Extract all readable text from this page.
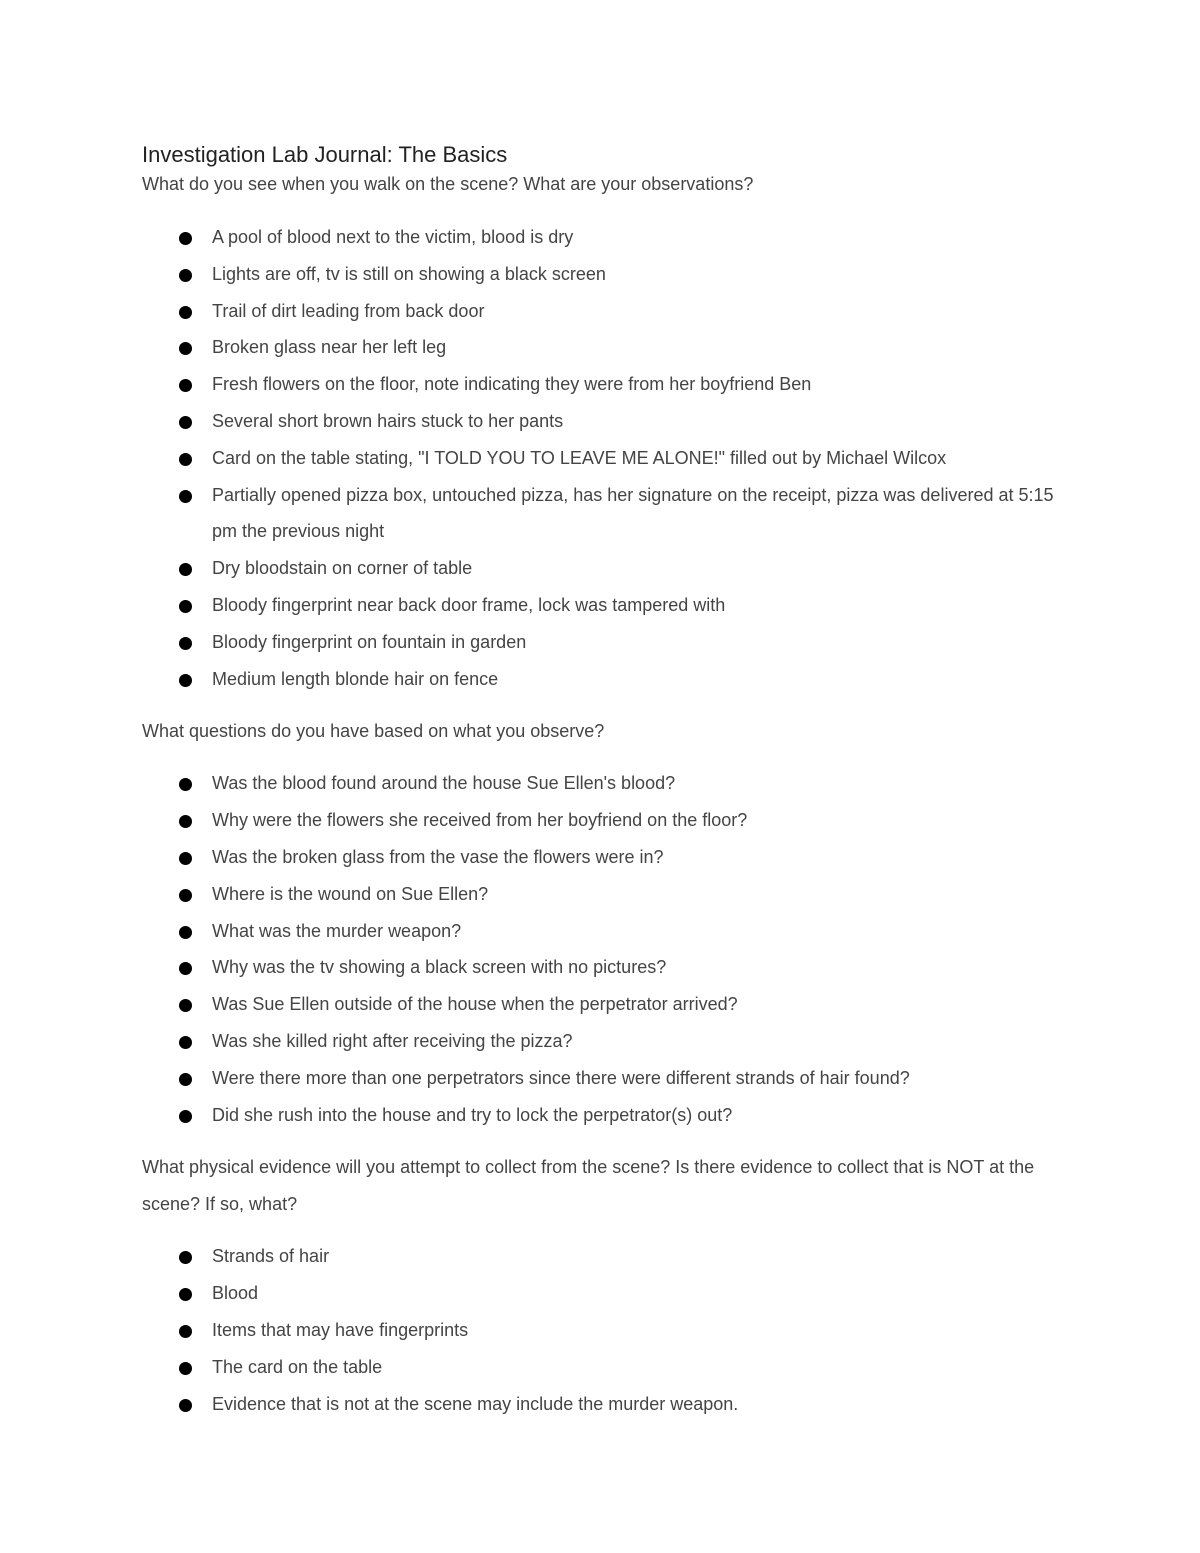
Investigation Lab Journal: The Basics

What do you see when you walk on the scene? What are your observations?

A pool of blood next to the victim, blood is dry
Lights are off, tv is still on showing a black screen
Trail of dirt leading from back door
Broken glass near her left leg
Fresh flowers on the floor, note indicating they were from her boyfriend Ben
Several short brown hairs stuck to her pants
Card on the table stating, "I TOLD YOU TO LEAVE ME ALONE!" filled out by Michael Wilcox
Partially opened pizza box, untouched pizza, has her signature on the receipt, pizza was delivered at 5:15 pm the previous night
Dry bloodstain on corner of table
Bloody fingerprint near back door frame, lock was tampered with
Bloody fingerprint on fountain in garden
Medium length blonde hair on fence

What questions do you have based on what you observe?

Was the blood found around the house Sue Ellen's blood?
Why were the flowers she received from her boyfriend on the floor?
Was the broken glass from the vase the flowers were in?
Where is the wound on Sue Ellen?
What was the murder weapon?
Why was the tv showing a black screen with no pictures?
Was Sue Ellen outside of the house when the perpetrator arrived?
Was she killed right after receiving the pizza?
Were there more than one perpetrators since there were different strands of hair found?
Did she rush into the house and try to lock the perpetrator(s) out?

What physical evidence will you attempt to collect from the scene? Is there evidence to collect that is NOT at the scene? If so, what?

Strands of hair
Blood
Items that may have fingerprints
The card on the table
Evidence that is not at the scene may include the murder weapon.
